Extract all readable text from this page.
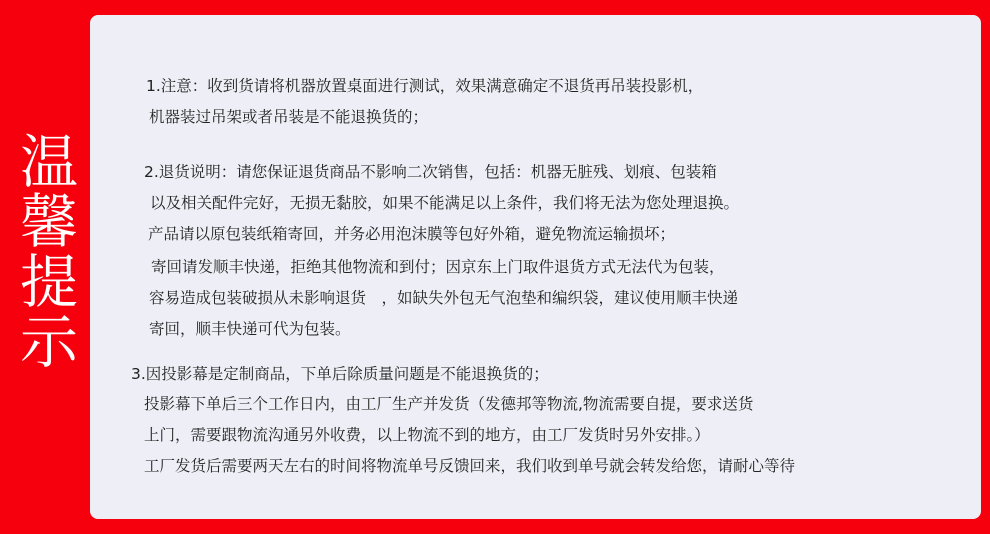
温
馨
提
示
1.注意：收到货请将机器放置桌面进行测试，效果满意确定不退货再吊装投影机，
机器装过吊架或者吊装是不能退换货的；
2.退货说明：请您保证退货商品不影响二次销售，包括：机器无脏残、划痕、包装箱
以及相关配件完好，无损无黏胶，如果不能满足以上条件，我们将无法为您处理退换。
产品请以原包装纸箱寄回，并务必用泡沫膜等包好外箱，避免物流运输损坏；
寄回请发顺丰快递，拒绝其他物流和到付；因京东上门取件退货方式无法代为包装，
容易造成包装破损从未影响退货　，如缺失外包无气泡垫和编织袋，建议使用顺丰快递
寄回，顺丰快递可代为包装。
3.因投影幕是定制商品，下单后除质量问题是不能退换货的；
投影幕下单后三个工作日内，由工厂生产并发货（发德邦等物流,物流需要自提，要求送货
上门，需要跟物流沟通另外收费，以上物流不到的地方，由工厂发货时另外安排。）
工厂发货后需要两天左右的时间将物流单号反馈回来，我们收到单号就会转发给您，请耐心等待
